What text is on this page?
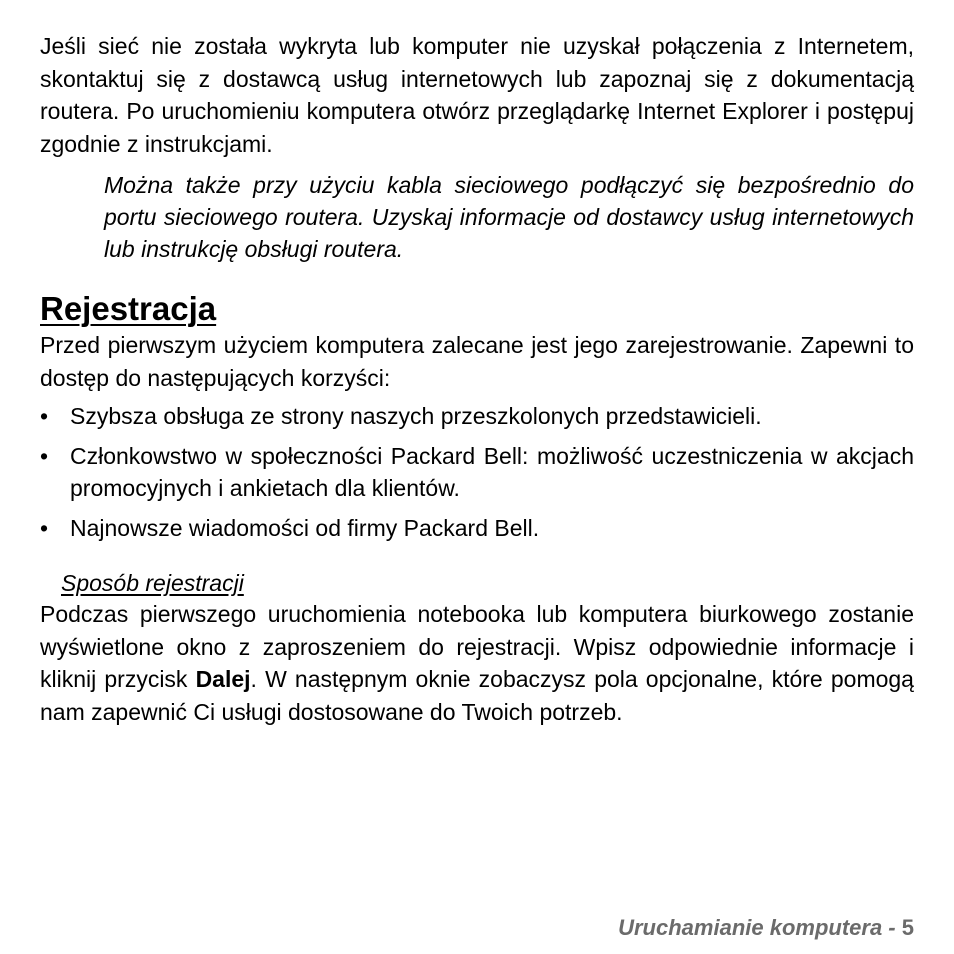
Jeśli sieć nie została wykryta lub komputer nie uzyskał połączenia z Internetem, skontaktuj się z dostawcą usług internetowych lub zapoznaj się z dokumentacją routera. Po uruchomieniu komputera otwórz przeglądarkę Internet Explorer i postępuj zgodnie z instrukcjami.

Można także przy użyciu kabla sieciowego podłączyć się bezpośrednio do portu sieciowego routera. Uzyskaj informacje od dostawcy usług internetowych lub instrukcję obsługi routera.

Rejestracja

Przed pierwszym użyciem komputera zalecane jest jego zarejestrowanie. Zapewni to dostęp do następujących korzyści:

• Szybsza obsługa ze strony naszych przeszkolonych przedstawicieli.
• Członkowstwo w społeczności Packard Bell: możliwość uczestniczenia w akcjach promocyjnych i ankietach dla klientów.
• Najnowsze wiadomości od firmy Packard Bell.
Sposób rejestracji

Podczas pierwszego uruchomienia notebooka lub komputera biurkowego zostanie wyświetlone okno z zaproszeniem do rejestracji. Wpisz odpowiednie informacje i kliknij przycisk Dalej. W następnym oknie zobaczysz pola opcjonalne, które pomogą nam zapewnić Ci usługi dostosowane do Twoich potrzeb.

Uruchamianie komputera - 5
